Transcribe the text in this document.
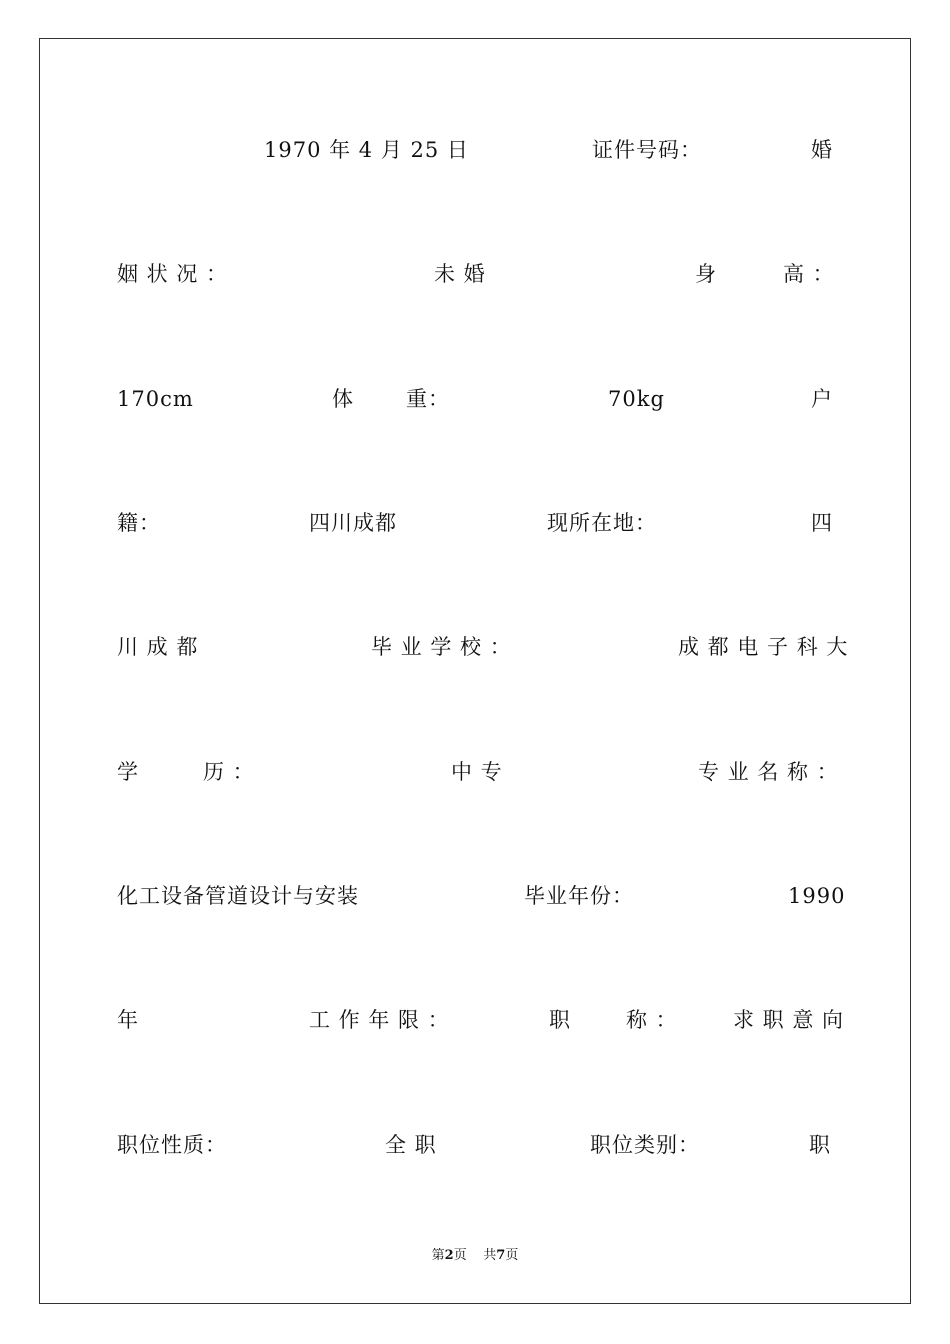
1970 年 4 月 25 日	证件号码：	婚
姻 状 况 ：	未 婚	身	高 ：
170cm	体 重：	70kg	户
籍：	四川成都	现所在地：	四
川 成 都	毕 业 学 校 ：	成 都 电 子 科 大
学	历 ：	中 专	专 业 名 称 ：
化工设备管道设计与安装	毕业年份：	1990
年	工 作 年 限 ：	职	称 ：	求 职 意 向
职位性质：	全 职	职位类别：	职
第2页 共7页
